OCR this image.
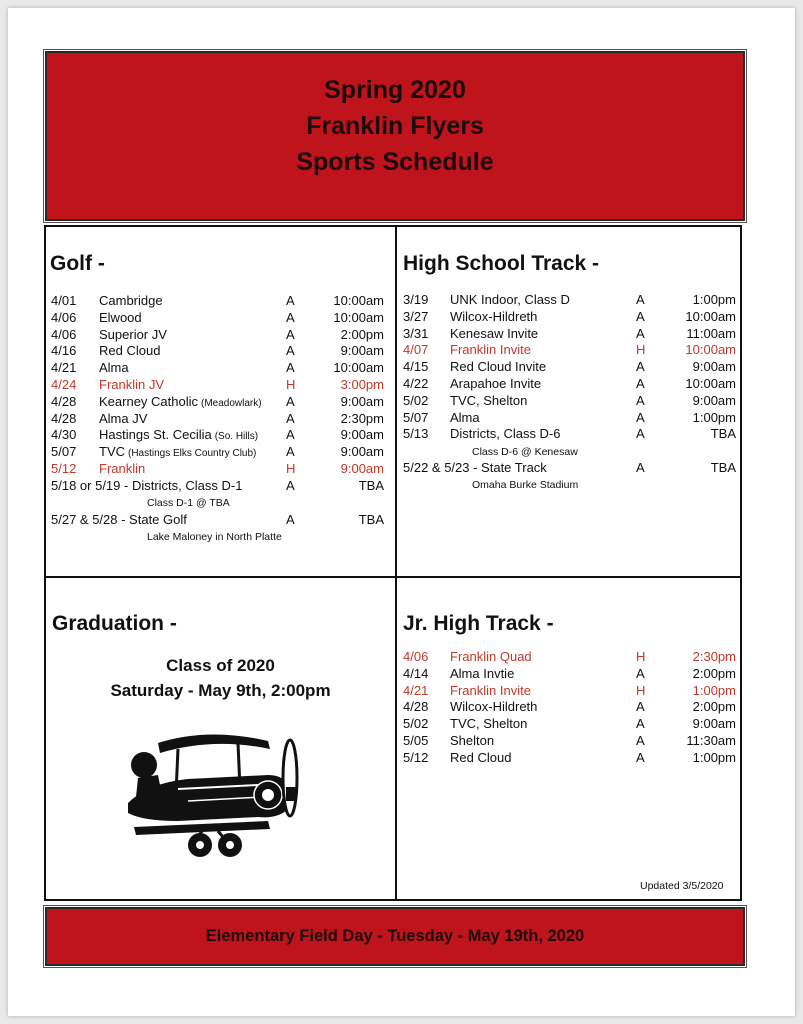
Spring 2020
Franklin Flyers
Sports Schedule
Golf -
4/01 Cambridge	A	10:00am
4/06 Elwood	A	10:00am
4/06 Superior JV	A	2:00pm
4/16 Red Cloud	A	9:00am
4/21 Alma	A	10:00am
4/24 Franklin JV	H	3:00pm
4/28 Kearney Catholic (Meadowlark) A	9:00am
4/28 Alma JV	A	2:30pm
4/30 Hastings St. Cecilia (So. Hills) A	9:00am
5/07 TVC (Hastings Elks Country Club) A	9:00am
5/12 Franklin	H	9:00am
5/18 or 5/19 - Districts, Class D-1	A	TBA
Class D-1 @ TBA
5/27 & 5/28 - State Golf	A	TBA
Lake Maloney in North Platte
High School Track -
3/19 UNK Indoor, Class D	A	1:00pm
3/27 Wilcox-Hildreth	A	10:00am
3/31 Kenesaw Invite	A	11:00am
4/07 Franklin Invite	H	10:00am
4/15 Red Cloud Invite	A	9:00am
4/22 Arapahoe Invite	A	10:00am
5/02 TVC, Shelton	A	9:00am
5/07 Alma	A	1:00pm
5/13 Districts, Class D-6	A	TBA
Class D-6 @ Kenesaw
5/22 & 5/23 - State Track	A	TBA
Omaha Burke Stadium
Graduation -
Class of 2020
Saturday - May 9th, 2:00pm
Jr. High Track -
4/06 Franklin Quad	H	2:30pm
4/14 Alma Invtie	A	2:00pm
4/21 Franklin Invite	H	1:00pm
4/28 Wilcox-Hildreth	A	2:00pm
5/02 TVC, Shelton	A	9:00am
5/05 Shelton	A	11:30am
5/12 Red Cloud	A	1:00pm
Updated 3/5/2020
Elementary Field Day - Tuesday - May 19th, 2020
